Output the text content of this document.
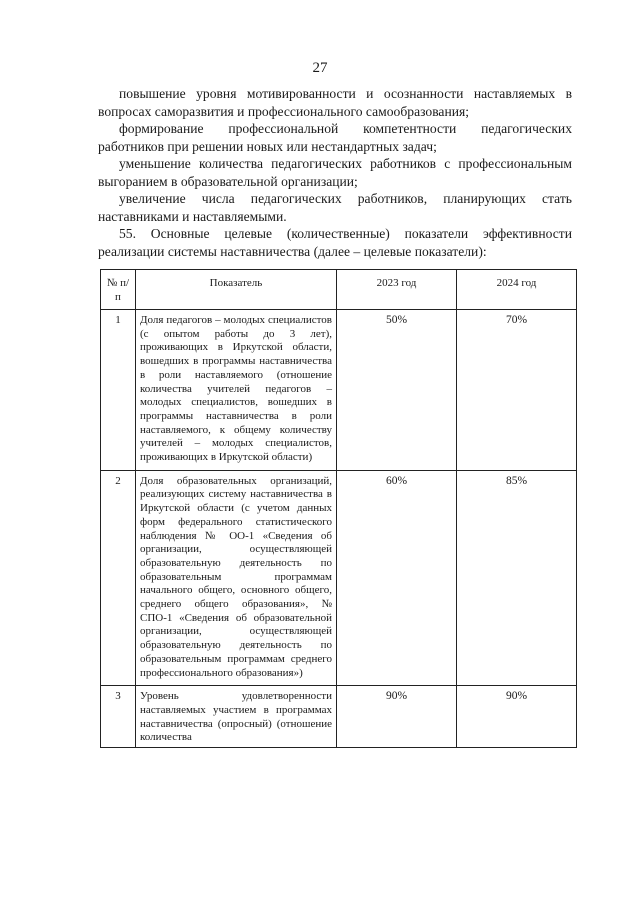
27

повышение уровня мотивированности и осознанности наставляемых в вопросах саморазвития и профессионального самообразования;

формирование профессиональной компетентности педагогических работников при решении новых или нестандартных задач;

уменьшение количества педагогических работников с профессиональным выгоранием в образовательной организации;

увеличение числа педагогических работников, планирующих стать наставниками и наставляемыми.

55. Основные целевые (количественные) показатели эффективности реализации системы наставничества (далее – целевые показатели):

№ п/п	Показатель	2023 год	2024 год
1	Доля педагогов – молодых специалистов (с опытом работы до 3 лет), проживающих в Иркутской области, вошедших в программы наставничества в роли наставляемого (отношение количества учителей педагогов – молодых специалистов, вошедших в программы наставничества в роли наставляемого, к общему количеству учителей – молодых специалистов, проживающих в Иркутской области)	50%	70%
2	Доля образовательных организаций, реализующих систему наставничества в Иркутской области (с учетом данных форм федерального статистического наблюдения № ОО-1 «Сведения об организации, осуществляющей образовательную деятельность по образовательным программам начального общего, основного общего, среднего общего образования», № СПО-1 «Сведения об образовательной организации, осуществляющей образовательную деятельность по образовательным программам среднего профессионального образования»)	60%	85%
3	Уровень удовлетворенности наставляемых участием в программах наставничества (опросный) (отношение количества	90%	90%
